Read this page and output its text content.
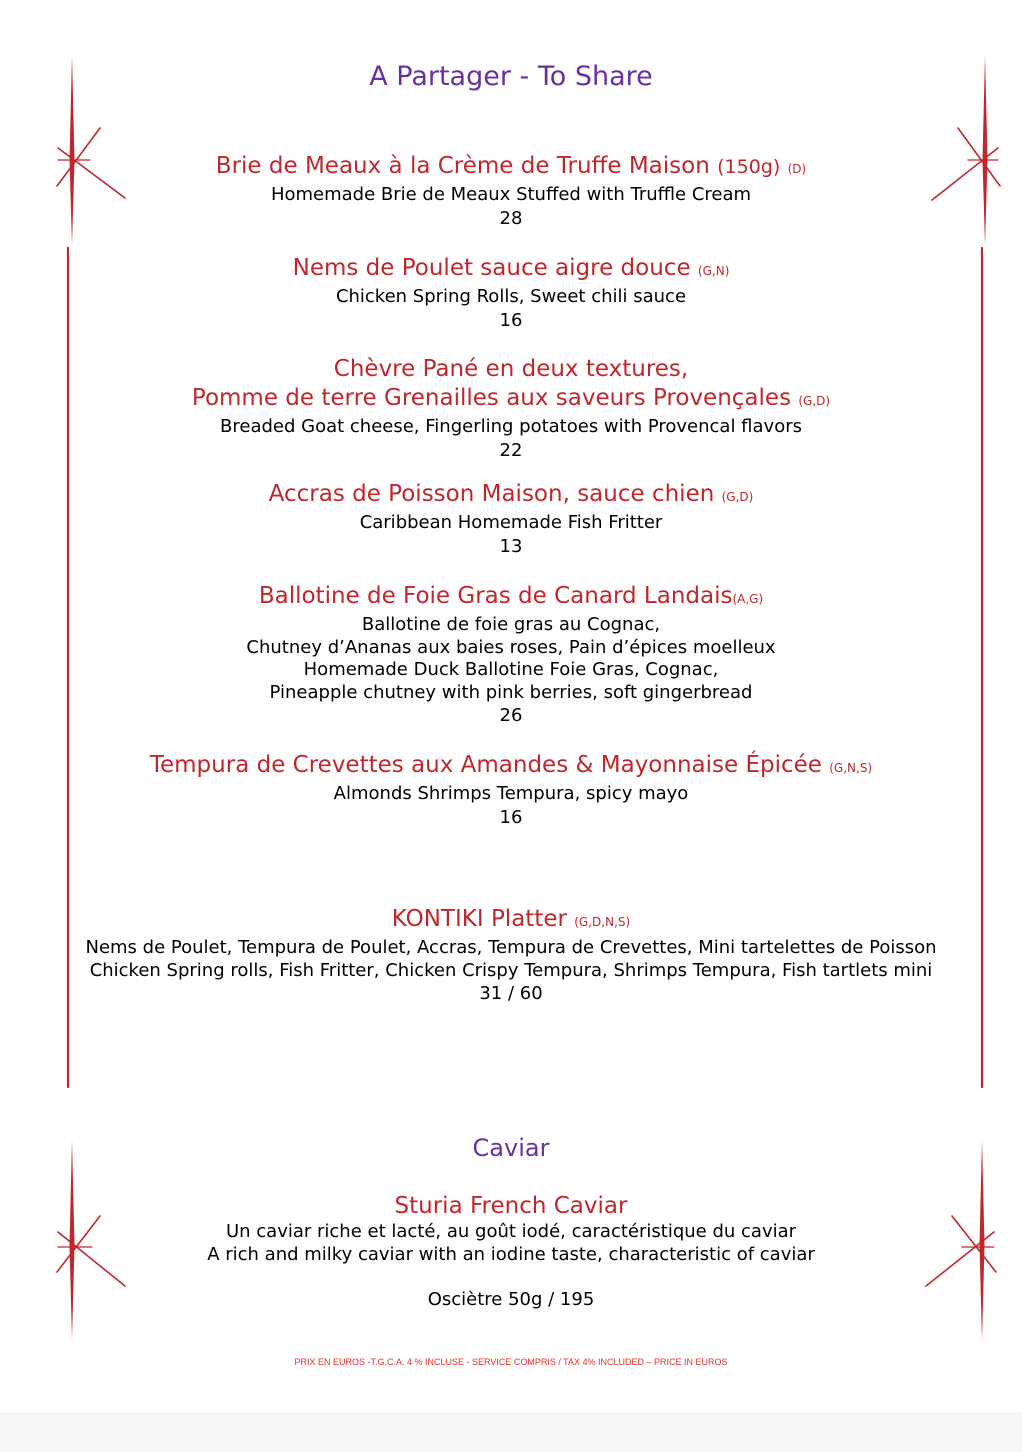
A Partager - To Share
Brie de Meaux à la Crème de Truffe Maison (150g) (D)
Homemade Brie de Meaux Stuffed with Truffle Cream
28
Nems de Poulet sauce aigre douce (G,N)
Chicken Spring Rolls, Sweet chili sauce
16
Chèvre Pané en deux textures,
Pomme de terre Grenailles aux saveurs Provençales (G,D)
Breaded Goat cheese, Fingerling potatoes with Provencal flavors
22
Accras de Poisson Maison, sauce chien (G,D)
Caribbean Homemade Fish Fritter
13
Ballotine de Foie Gras de Canard Landais(A,G)
Ballotine de foie gras au Cognac,
Chutney d’Ananas aux baies roses, Pain d’épices moelleux
Homemade Duck Ballotine Foie Gras, Cognac,
Pineapple chutney with pink berries, soft gingerbread
26
Tempura de Crevettes aux Amandes & Mayonnaise Épicée (G,N,S)
Almonds Shrimps Tempura, spicy mayo
16
KONTIKI Platter (G,D,N,S)
Nems de Poulet, Tempura de Poulet, Accras, Tempura de Crevettes, Mini tartelettes de Poisson
Chicken Spring rolls, Fish Fritter, Chicken Crispy Tempura, Shrimps Tempura, Fish tartlets mini
31 / 60
Caviar
Sturia French Caviar
Un caviar riche et lacté, au goût iodé, caractéristique du caviar
A rich and milky caviar with an iodine taste, characteristic of caviar
Osciètre 50g / 195
PRIX EN EUROS -T.G.C.A. 4 % INCLUSE - SERVICE COMPRIS / TAX 4% INCLUDED – PRICE IN EUROS
